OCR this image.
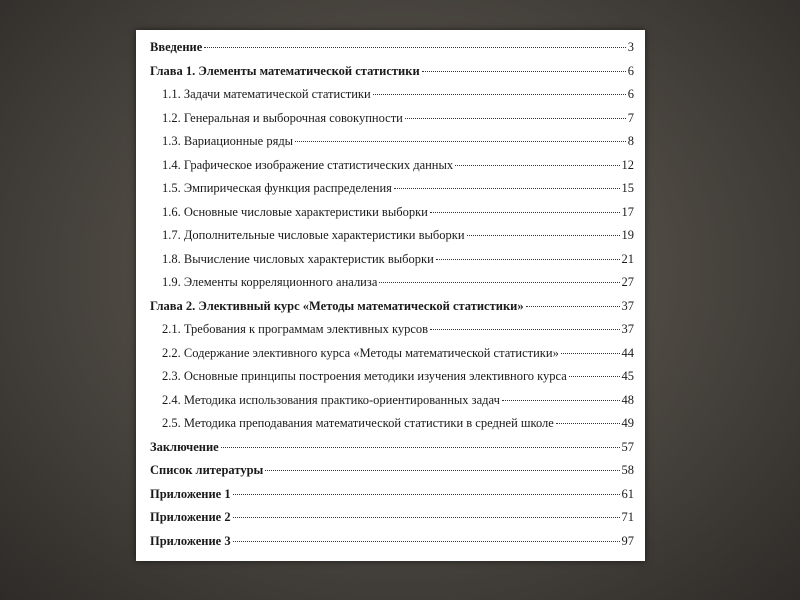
Введение	3
Глава 1. Элементы математической статистики	6
1.1. Задачи математической статистики	6
1.2. Генеральная и выборочная совокупности	7
1.3. Вариационные ряды	8
1.4. Графическое изображение статистических данных	12
1.5. Эмпирическая функция распределения	15
1.6. Основные числовые характеристики выборки	17
1.7. Дополнительные числовые характеристики выборки	19
1.8. Вычисление числовых характеристик выборки	21
1.9. Элементы корреляционного анализа	27
Глава 2. Элективный курс «Методы математической статистики»	37
2.1. Требования к программам элективных курсов	37
2.2. Содержание элективного курса «Методы математической статистики»	44
2.3. Основные принципы построения методики изучения элективного курса	45
2.4. Методика использования практико-ориентированных задач	48
2.5. Методика преподавания математической статистики в средней школе	49
Заключение	57
Список литературы	58
Приложение 1	61
Приложение 2	71
Приложение 3	97
